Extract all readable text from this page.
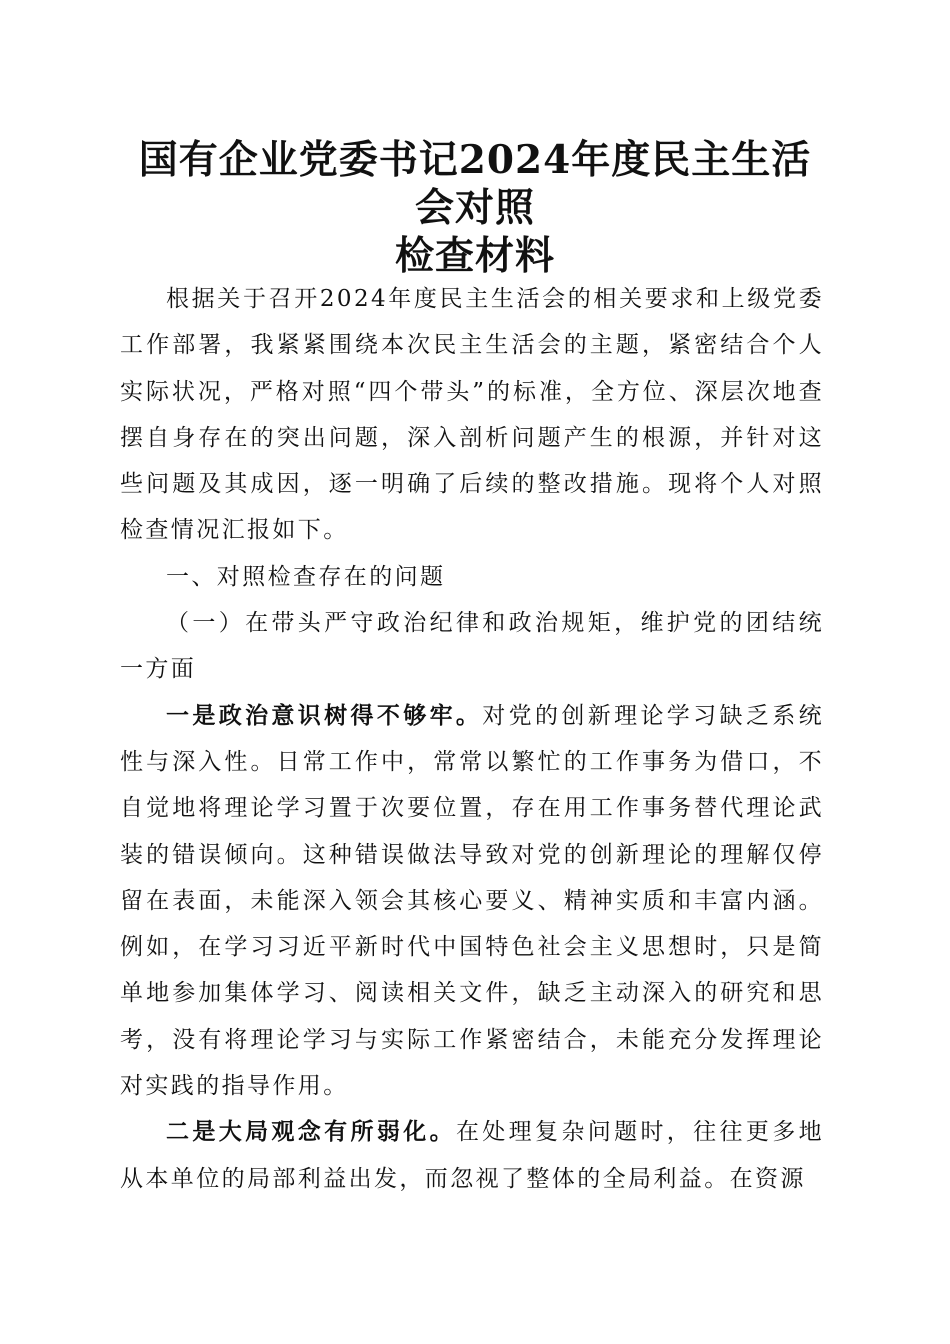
国有企业党委书记2024年度民主生活会对照
检查材料

根据关于召开2024年度民主生活会的相关要求和上级党委工作部署，我紧紧围绕本次民主生活会的主题，紧密结合个人实际状况，严格对照“四个带头”的标准，全方位、深层次地查摆自身存在的突出问题，深入剖析问题产生的根源，并针对这些问题及其成因，逐一明确了后续的整改措施。现将个人对照检查情况汇报如下。

一、对照检查存在的问题

（一）在带头严守政治纪律和政治规矩，维护党的团结统一方面

一是政治意识树得不够牢。对党的创新理论学习缺乏系统性与深入性。日常工作中，常常以繁忙的工作事务为借口，不自觉地将理论学习置于次要位置，存在用工作事务替代理论武装的错误倾向。这种错误做法导致对党的创新理论的理解仅停留在表面，未能深入领会其核心要义、精神实质和丰富内涵。例如，在学习习近平新时代中国特色社会主义思想时，只是简单地参加集体学习、阅读相关文件，缺乏主动深入的研究和思考，没有将理论学习与实际工作紧密结合，未能充分发挥理论对实践的指导作用。

二是大局观念有所弱化。在处理复杂问题时，往往更多地从本单位的局部利益出发，而忽视了整体的全局利益。在资源
